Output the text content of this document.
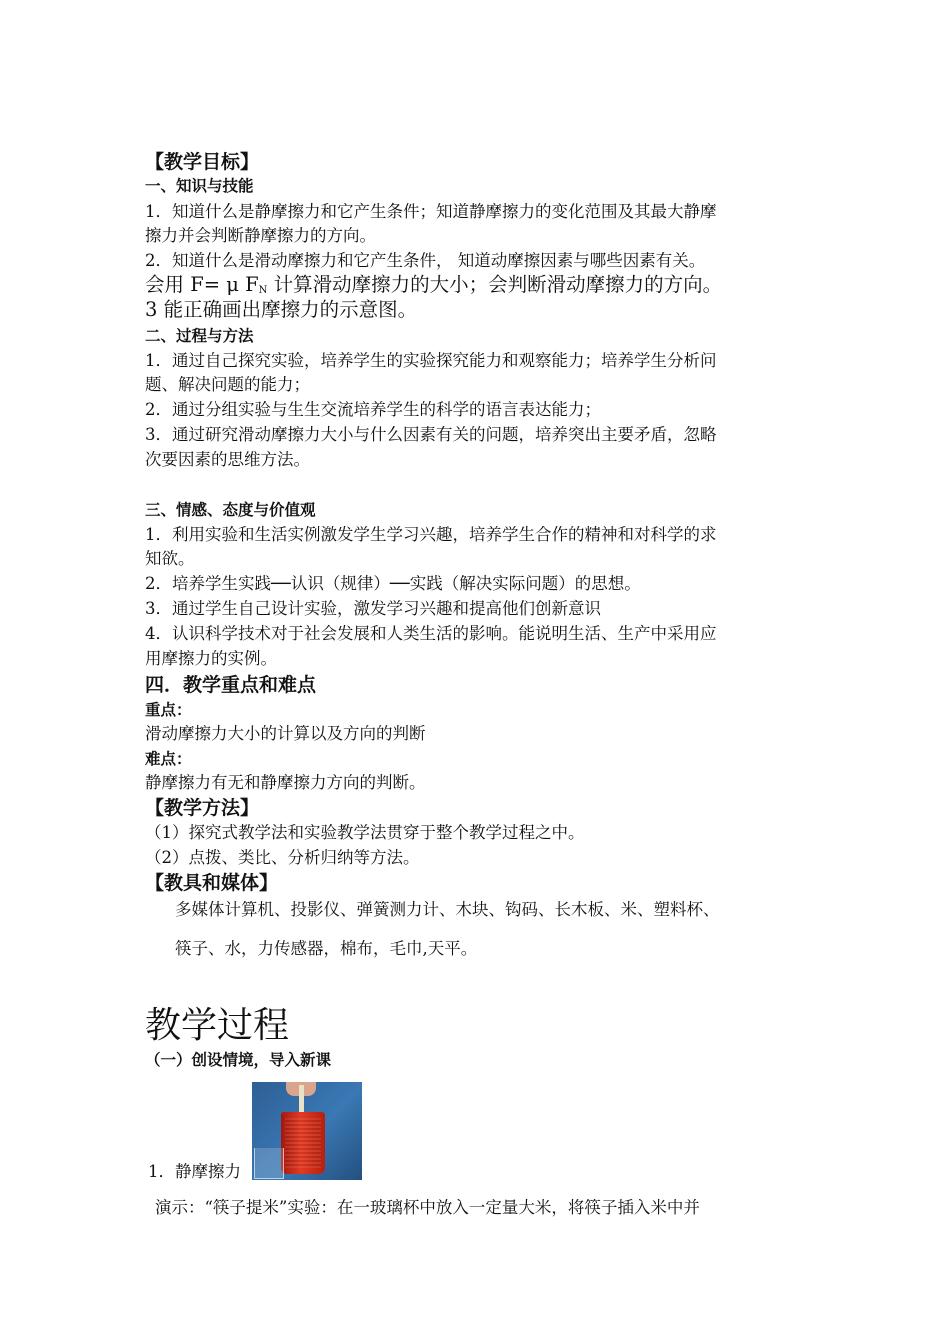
【教学目标】
一、知识与技能
1．知道什么是静摩擦力和它产生条件；知道静摩擦力的变化范围及其最大静摩
擦力并会判断静摩擦力的方向。
2．知道什么是滑动摩擦力和它产生条件， 知道动摩擦因素与哪些因素有关。
会用 F= μ $F_N$ 计算滑动摩擦力的大小；会判断滑动摩擦力的方向。
3 能正确画出摩擦力的示意图。
二、过程与方法
1．通过自己探究实验，培养学生的实验探究能力和观察能力；培养学生分析问
题、解决问题的能力；
2．通过分组实验与生生交流培养学生的科学的语言表达能力；
3．通过研究滑动摩擦力大小与什么因素有关的问题，培养突出主要矛盾，忽略
次要因素的思维方法。
三、情感、态度与价值观
1．利用实验和生活实例激发学生学习兴趣，培养学生合作的精神和对科学的求
知欲。
2．培养学生实践──认识（规律）──实践（解决实际问题）的思想。
3．通过学生自己设计实验，激发学习兴趣和提高他们创新意识
4．认识科学技术对于社会发展和人类生活的影响。能说明生活、生产中采用应
用摩擦力的实例。
四．教学重点和难点
重点：
滑动摩擦力大小的计算以及方向的判断
难点：
静摩擦力有无和静摩擦力方向的判断。
【教学方法】
（1）探究式教学法和实验教学法贯穿于整个教学过程之中。
（2）点拨、类比、分析归纳等方法。
【教具和媒体】
多媒体计算机、投影仪、弹簧测力计、木块、钩码、长木板、米、塑料杯、
筷子、水，力传感器，棉布，毛巾,天平。
教学过程
（一）创设情境，导入新课
1．静摩擦力
演示：“筷子提米”实验：在一玻璃杯中放入一定量大米，将筷子插入米中并
